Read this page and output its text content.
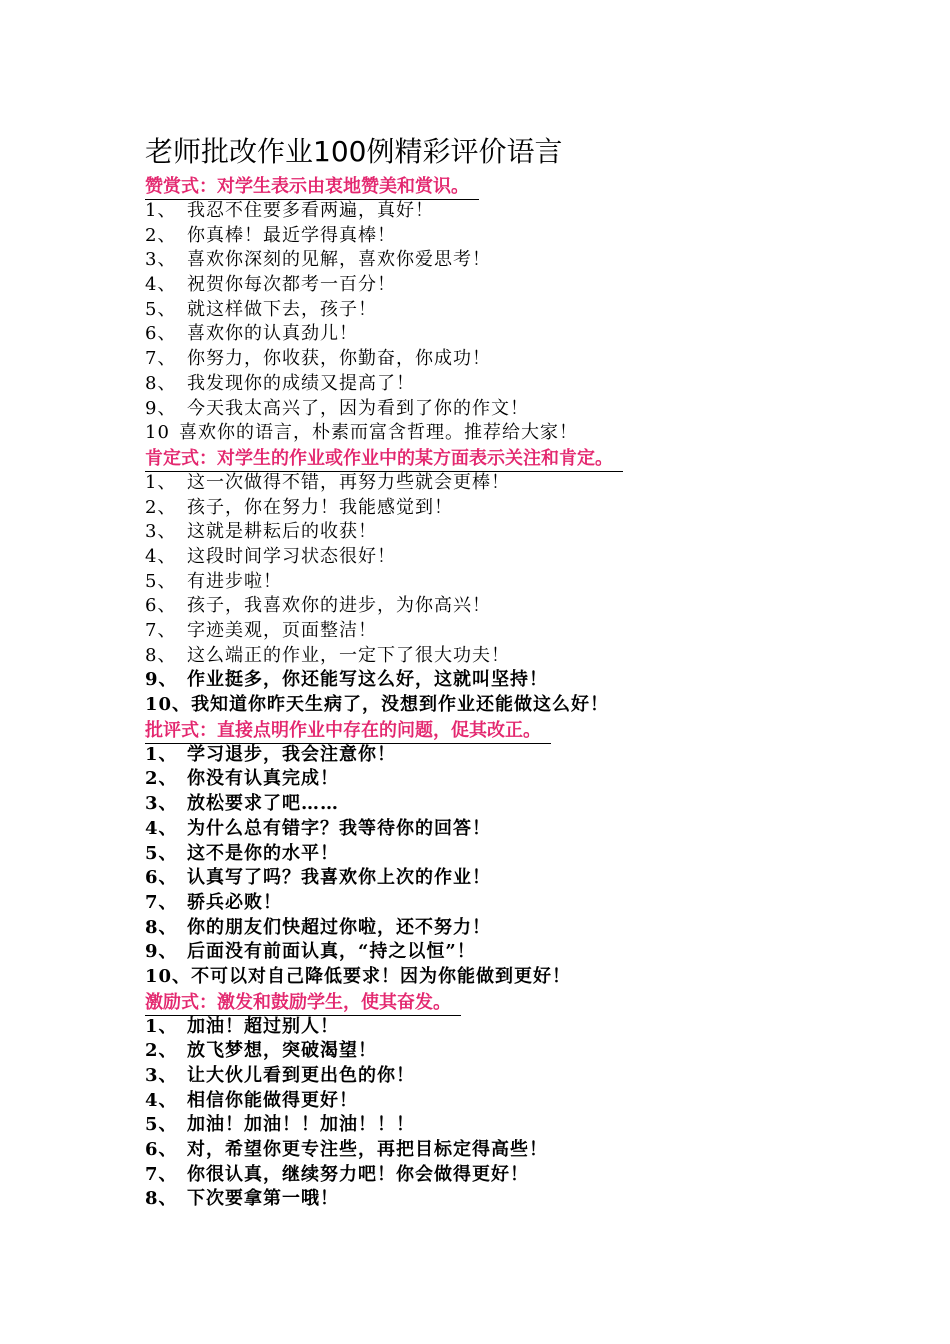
老师批改作业100例精彩评价语言
赞赏式：对学生表示由衷地赞美和赏识。
1、 我忍不住要多看两遍，真好！
2、 你真棒！最近学得真棒！
3、 喜欢你深刻的见解，喜欢你爱思考！
4、 祝贺你每次都考一百分！
5、 就这样做下去，孩子！
6、 喜欢你的认真劲儿！
7、 你努力，你收获，你勤奋，你成功！
8、 我发现你的成绩又提高了！
9、 今天我太高兴了，因为看到了你的作文！
10 喜欢你的语言，朴素而富含哲理。推荐给大家！
肯定式：对学生的作业或作业中的某方面表示关注和肯定。
1、 这一次做得不错，再努力些就会更棒！
2、 孩子，你在努力！我能感觉到！
3、 这就是耕耘后的收获！
4、 这段时间学习状态很好！
5、 有进步啦！
6、 孩子，我喜欢你的进步，为你高兴！
7、 字迹美观，页面整洁！
8、 这么端正的作业，一定下了很大功夫！
9、 作业挺多，你还能写这么好，这就叫坚持！
10、我知道你昨天生病了，没想到作业还能做这么好！
批评式：直接点明作业中存在的问题，促其改正。
1、 学习退步，我会注意你！
2、 你没有认真完成！
3、 放松要求了吧……
4、 为什么总有错字？我等待你的回答！
5、 这不是你的水平！
6、 认真写了吗？我喜欢你上次的作业！
7、 骄兵必败！
8、 你的朋友们快超过你啦，还不努力！
9、 后面没有前面认真，“持之以恒”！
10、不可以对自己降低要求！因为你能做到更好！
激励式：激发和鼓励学生，使其奋发。
1、 加油！超过别人！
2、 放飞梦想，突破渴望！
3、 让大伙儿看到更出色的你！
4、 相信你能做得更好！
5、 加油！加油！！加油！！！
6、 对，希望你更专注些，再把目标定得高些！
7、 你很认真，继续努力吧！你会做得更好！
8、 下次要拿第一哦！
